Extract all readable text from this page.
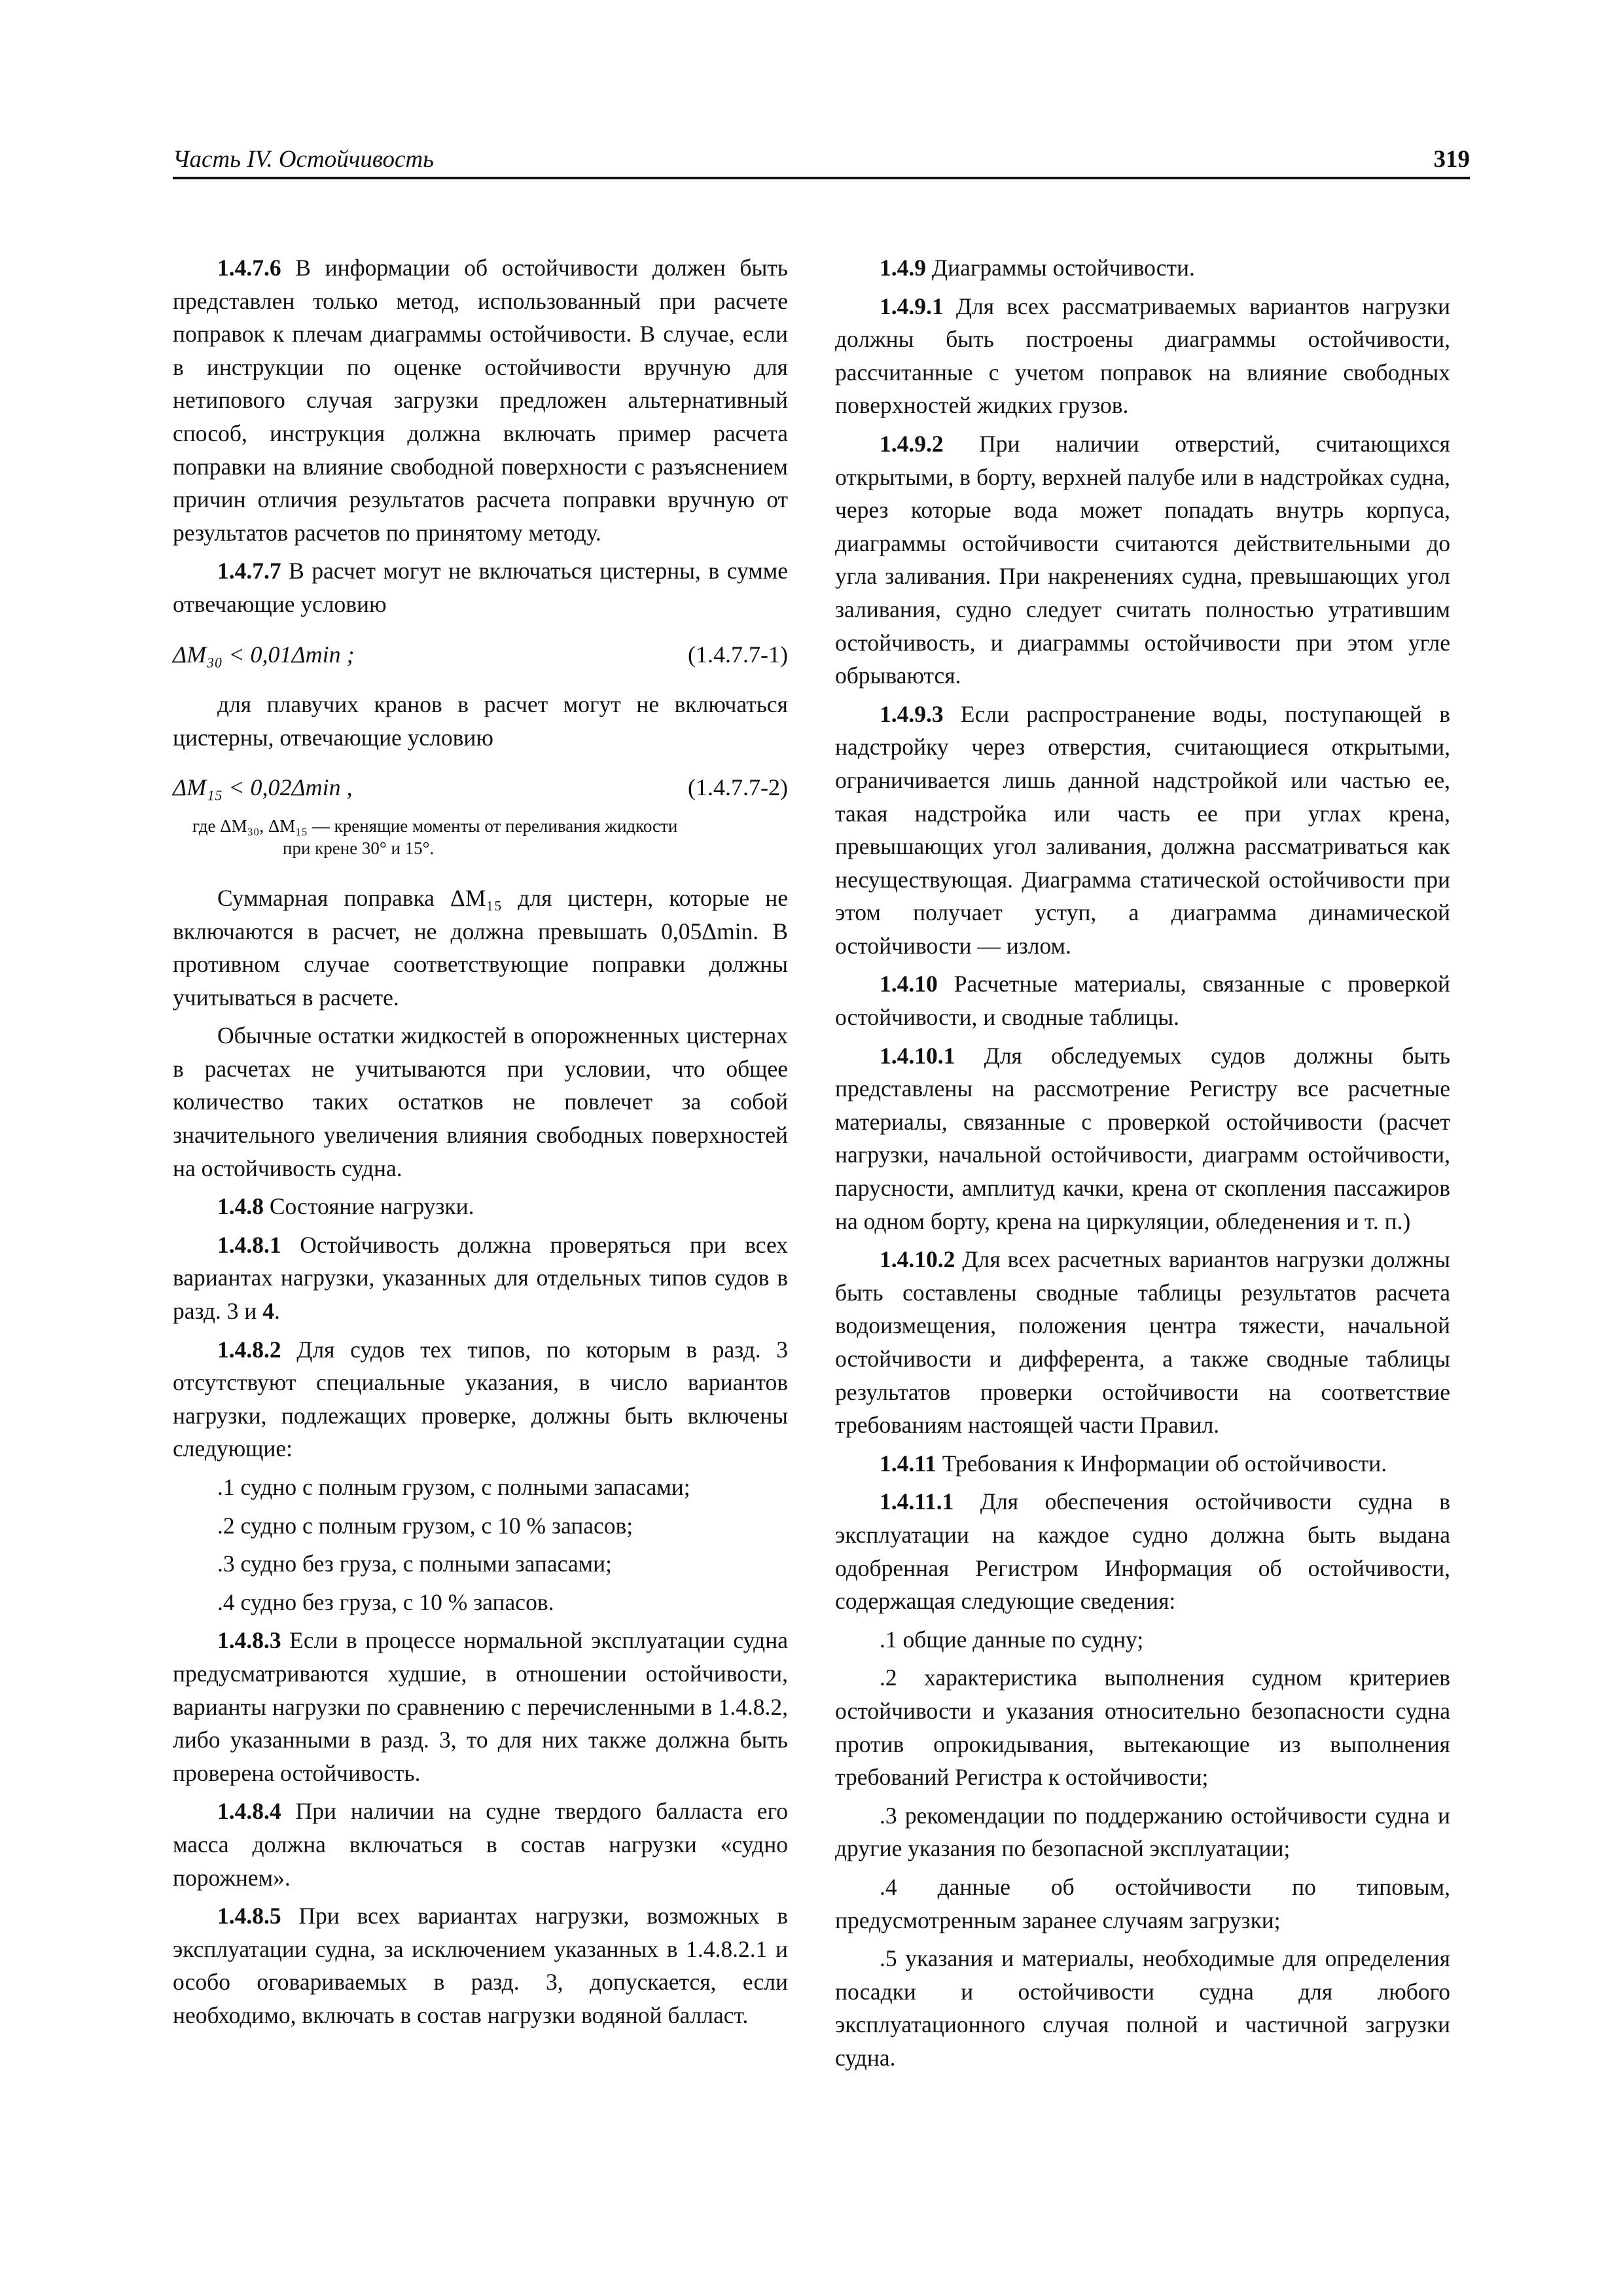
Часть IV. Остойчивость	319

1.4.7.6 В информации об остойчивости должен быть представлен только метод, использованный при расчете поправок к плечам диаграммы остойчивости. В случае, если в инструкции по оценке остойчивости вручную для нетипового случая загрузки предложен альтернативный способ, инструкция должна включать пример расчета поправки на влияние свободной поверхности с разъяснением причин отличия результатов расчета поправки вручную от результатов расчетов по принятому методу.

1.4.7.7 В расчет могут не включаться цистерны, в сумме отвечающие условию

ΔM₃₀ < 0,01Δmin ;	(1.4.7.7-1)

для плавучих кранов в расчет могут не включаться цистерны, отвечающие условию

ΔM₁₅ < 0,02Δmin ,	(1.4.7.7-2)
где ΔM₃₀, ΔM₁₅ — кренящие моменты от переливания жидкости
при крене 30° и 15°.

Суммарная поправка ΔM₁₅ для цистерн, которые не включаются в расчет, не должна превышать 0,05Δmin. В противном случае соответствующие поправки должны учитываться в расчете.

Обычные остатки жидкостей в опорожненных цистернах в расчетах не учитываются при условии, что общее количество таких остатков не повлечет за собой значительного увеличения влияния свободных поверхностей на остойчивость судна.

1.4.8 Состояние нагрузки.

1.4.8.1 Остойчивость должна проверяться при всех вариантах нагрузки, указанных для отдельных типов судов в разд. 3 и 4.

1.4.8.2 Для судов тех типов, по которым в разд. 3 отсутствуют специальные указания, в число вариантов нагрузки, подлежащих проверке, должны быть включены следующие:

.1 судно с полным грузом, с полными запасами;

.2 судно с полным грузом, с 10 % запасов;

.3 судно без груза, с полными запасами;

.4 судно без груза, с 10 % запасов.

1.4.8.3 Если в процессе нормальной эксплуатации судна предусматриваются худшие, в отношении остойчивости, варианты нагрузки по сравнению с перечисленными в 1.4.8.2, либо указанными в разд. 3, то для них также должна быть проверена остойчивость.

1.4.8.4 При наличии на судне твердого балласта его масса должна включаться в состав нагрузки «судно порожнем».

1.4.8.5 При всех вариантах нагрузки, возможных в эксплуатации судна, за исключением указанных в 1.4.8.2.1 и особо оговариваемых в разд. 3, допускается, если необходимо, включать в состав нагрузки водяной балласт.

1.4.9 Диаграммы остойчивости.

1.4.9.1 Для всех рассматриваемых вариантов нагрузки должны быть построены диаграммы остойчивости, рассчитанные с учетом поправок на влияние свободных поверхностей жидких грузов.

1.4.9.2 При наличии отверстий, считающихся открытыми, в борту, верхней палубе или в надстройках судна, через которые вода может попадать внутрь корпуса, диаграммы остойчивости считаются действительными до угла заливания. При накренениях судна, превышающих угол заливания, судно следует считать полностью утратившим остойчивость, и диаграммы остойчивости при этом угле обрываются.

1.4.9.3 Если распространение воды, поступающей в надстройку через отверстия, считающиеся открытыми, ограничивается лишь данной надстройкой или частью ее, такая надстройка или часть ее при углах крена, превышающих угол заливания, должна рассматриваться как несуществующая. Диаграмма статической остойчивости при этом получает уступ, а диаграмма динамической остойчивости — излом.

1.4.10 Расчетные материалы, связанные с проверкой остойчивости, и сводные таблицы.

1.4.10.1 Для обследуемых судов должны быть представлены на рассмотрение Регистру все расчетные материалы, связанные с проверкой остойчивости (расчет нагрузки, начальной остойчивости, диаграмм остойчивости, парусности, амплитуд качки, крена от скопления пассажиров на одном борту, крена на циркуляции, обледенения и т. п.)

1.4.10.2 Для всех расчетных вариантов нагрузки должны быть составлены сводные таблицы результатов расчета водоизмещения, положения центра тяжести, начальной остойчивости и дифферента, а также сводные таблицы результатов проверки остойчивости на соответствие требованиям настоящей части Правил.

1.4.11 Требования к Информации об остойчивости.

1.4.11.1 Для обеспечения остойчивости судна в эксплуатации на каждое судно должна быть выдана одобренная Регистром Информация об остойчивости, содержащая следующие сведения:

.1 общие данные по судну;

.2 характеристика выполнения судном критериев остойчивости и указания относительно безопасности судна против опрокидывания, вытекающие из выполнения требований Регистра к остойчивости;

.3 рекомендации по поддержанию остойчивости судна и другие указания по безопасной эксплуатации;

.4 данные об остойчивости по типовым, предусмотренным заранее случаям загрузки;

.5 указания и материалы, необходимые для определения посадки и остойчивости судна для любого эксплуатационного случая полной и частичной загрузки судна.
